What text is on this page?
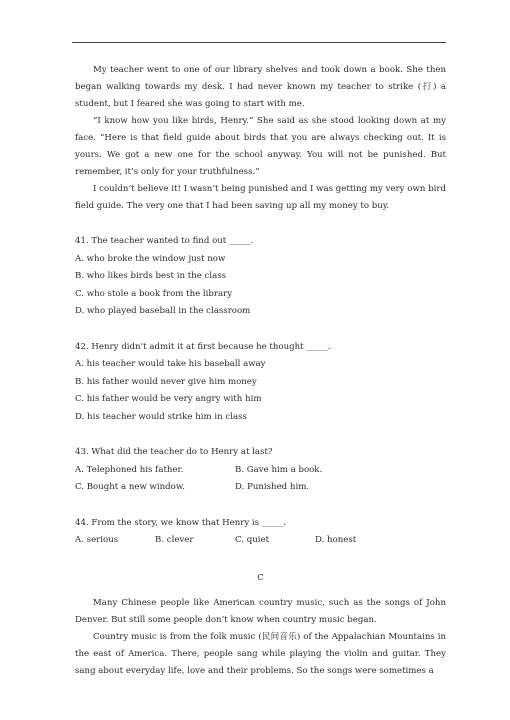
My teacher went to one of our library shelves and took down a book. She then began walking towards my desk. I had never known my teacher to strike (打) a student, but I feared she was going to start with me.

“I know how you like birds, Henry.” She said as she stood looking down at my face. “Here is that field guide about birds that you are always checking out. It is yours. We got a new one for the school anyway. You will not be punished. But remember, it’s only for your truthfulness.”

I couldn’t believe it! I wasn’t being punished and I was getting my very own bird field guide. The very one that I had been saving up all my money to buy.

41. The teacher wanted to find out _____.
A. who broke the window just now
B. who likes birds best in the class
C. who stole a book from the library
D. who played baseball in the classroom
42. Henry didn’t admit it at first because he thought _____.
A. his teacher would take his baseball away
B. his father would never give him money
C. his father would be very angry with him
D. his teacher would strike him in class
43. What did the teacher do to Henry at last?
A. Telephoned his father.	B. Gave him a book.
C. Bought a new window.	D. Punished him.
44. From the story, we know that Henry is _____.
A. serious	B. clever	C. quiet	D. honest
C

Many Chinese people like American country music, such as the songs of John Denver. But still some people don’t know when country music began.

Country music is from the folk music (民间音乐) of the Appalachian Mountains in the east of America. There, people sang while playing the violin and guitar. They sang about everyday life, love and their problems. So the songs were sometimes a
